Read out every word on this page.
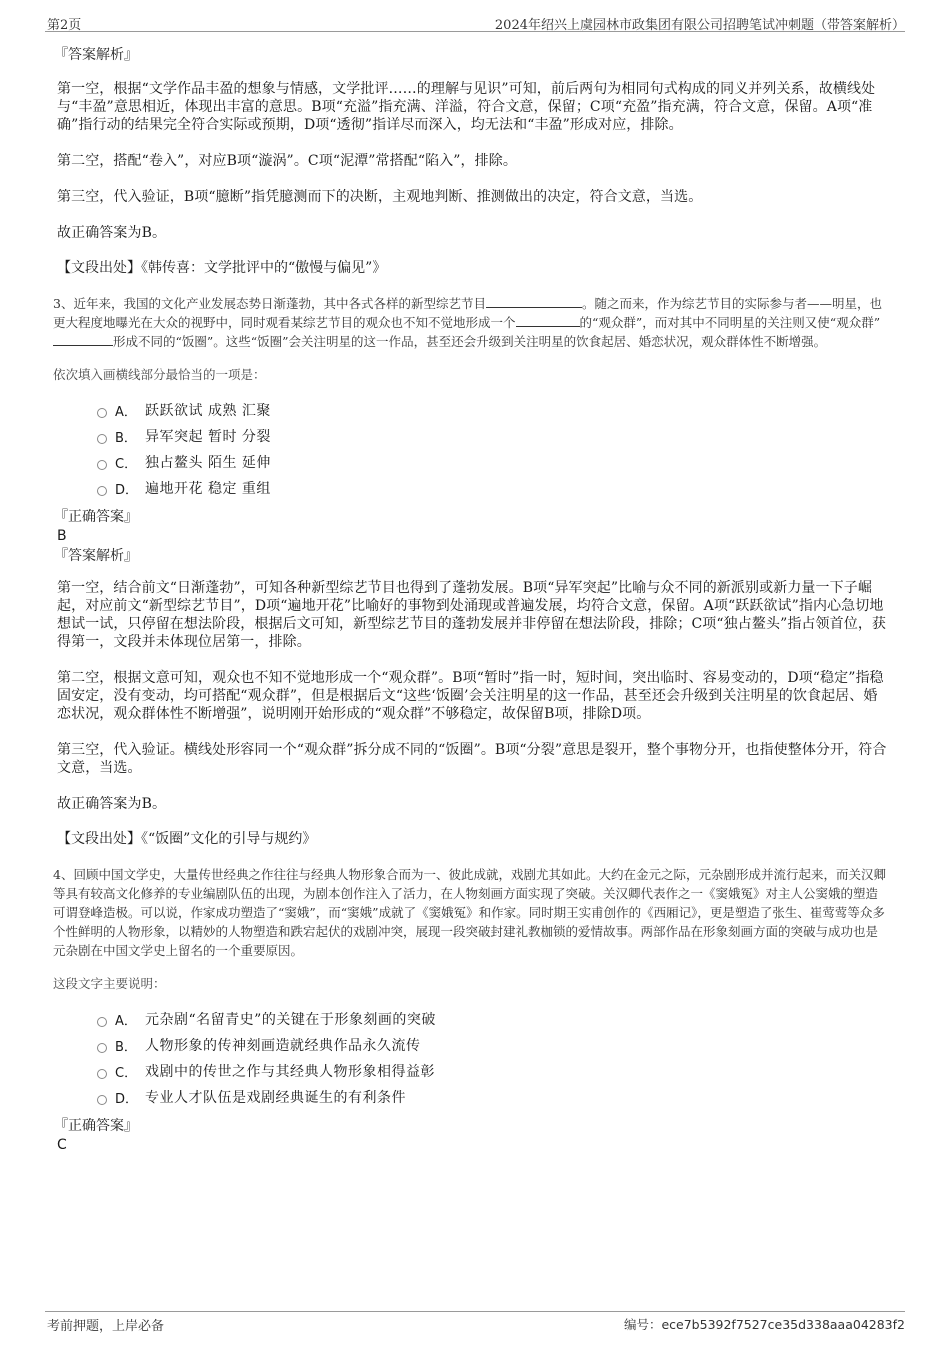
第2页	2024年绍兴上虞园林市政集团有限公司招聘笔试冲刺题（带答案解析）
『答案解析』

第一空，根据“文学作品丰盈的想象与情感，文学批评……的理解与见识”可知，前后两句为相同句式构成的同义并列关系，故横线处与“丰盈”意思相近，体现出丰富的意思。B项“充溢”指充满、洋溢，符合文意，保留；C项“充盈”指充满，符合文意，保留。A项“准确”指行动的结果完全符合实际或预期，D项“透彻”指详尽而深入，均无法和“丰盈”形成对应，排除。

第二空，搭配“卷入”，对应B项“漩涡”。C项“泥潭”常搭配“陷入”，排除。

第三空，代入验证，B项“臆断”指凭臆测而下的决断，主观地判断、推测做出的决定，符合文意，当选。

故正确答案为B。

【文段出处】《韩传喜：文学批评中的“傲慢与偏见”》

3、近年来，我国的文化产业发展态势日渐蓬勃，其中各式各样的新型综艺节目	。随之而来，作为综艺节目的实际参与者——明星，也更大程度地曝光在大众的视野中，同时观看某综艺节目的观众也不知不觉地形成一个	的“观众群”，而对其中不同明星的关注则又使“观众群”形成不同的“饭圈”。这些“饭圈”会关注明星的这一作品，甚至还会升级到关注明星的饮食起居、婚恋状况，观众群体性不断增强。

依次填入画横线部分最恰当的一项是：

A． 跃跃欲试 成熟 汇聚
B． 异军突起 暂时 分裂
C． 独占鳌头 陌生 延伸
D． 遍地开花 稳定 重组
『正确答案』
B
『答案解析』

第一空，结合前文“日渐蓬勃”，可知各种新型综艺节目也得到了蓬勃发展。B项“异军突起”比喻与众不同的新派别或新力量一下子崛起，对应前文“新型综艺节目”，D项“遍地开花”比喻好的事物到处涌现或普遍发展，均符合文意，保留。A项“跃跃欲试”指内心急切地想试一试，只停留在想法阶段，根据后文可知，新型综艺节目的蓬勃发展并非停留在想法阶段，排除；C项“独占鳌头”指占领首位，获得第一，文段并未体现位居第一，排除。

第二空，根据文意可知，观众也不知不觉地形成一个“观众群”。B项“暂时”指一时，短时间，突出临时、容易变动的，D项“稳定”指稳固安定，没有变动，均可搭配“观众群”，但是根据后文“这些‘饭圈’会关注明星的这一作品，甚至还会升级到关注明星的饮食起居、婚恋状况，观众群体性不断增强”，说明刚开始形成的“观众群”不够稳定，故保留B项，排除D项。

第三空，代入验证。横线处形容同一个“观众群”拆分成不同的“饭圈”。B项“分裂”意思是裂开，整个事物分开，也指使整体分开，符合文意，当选。

故正确答案为B。

【文段出处】《“饭圈”文化的引导与规约》

4、回顾中国文学史，大量传世经典之作往往与经典人物形象合而为一、彼此成就，戏剧尤其如此。大约在金元之际，元杂剧形成并流行起来，而关汉卿等具有较高文化修养的专业编剧队伍的出现，为剧本创作注入了活力，在人物刻画方面实现了突破。关汉卿代表作之一《窦娥冤》对主人公窦娥的塑造可谓登峰造极。可以说，作家成功塑造了“窦娥”，而“窦娥”成就了《窦娥冤》和作家。同时期王实甫创作的《西厢记》，更是塑造了张生、崔莺莺等众多个性鲜明的人物形象，以精妙的人物塑造和跌宕起伏的戏剧冲突，展现一段突破封建礼教枷锁的爱情故事。两部作品在形象刻画方面的突破与成功也是元杂剧在中国文学史上留名的一个重要原因。

这段文字主要说明：

A． 元杂剧“名留青史”的关键在于形象刻画的突破
B． 人物形象的传神刻画造就经典作品永久流传
C． 戏剧中的传世之作与其经典人物形象相得益彰
D． 专业人才队伍是戏剧经典诞生的有利条件
『正确答案』
C
考前押题，上岸必备	编号：ece7b5392f7527ce35d338aaa04283f2
